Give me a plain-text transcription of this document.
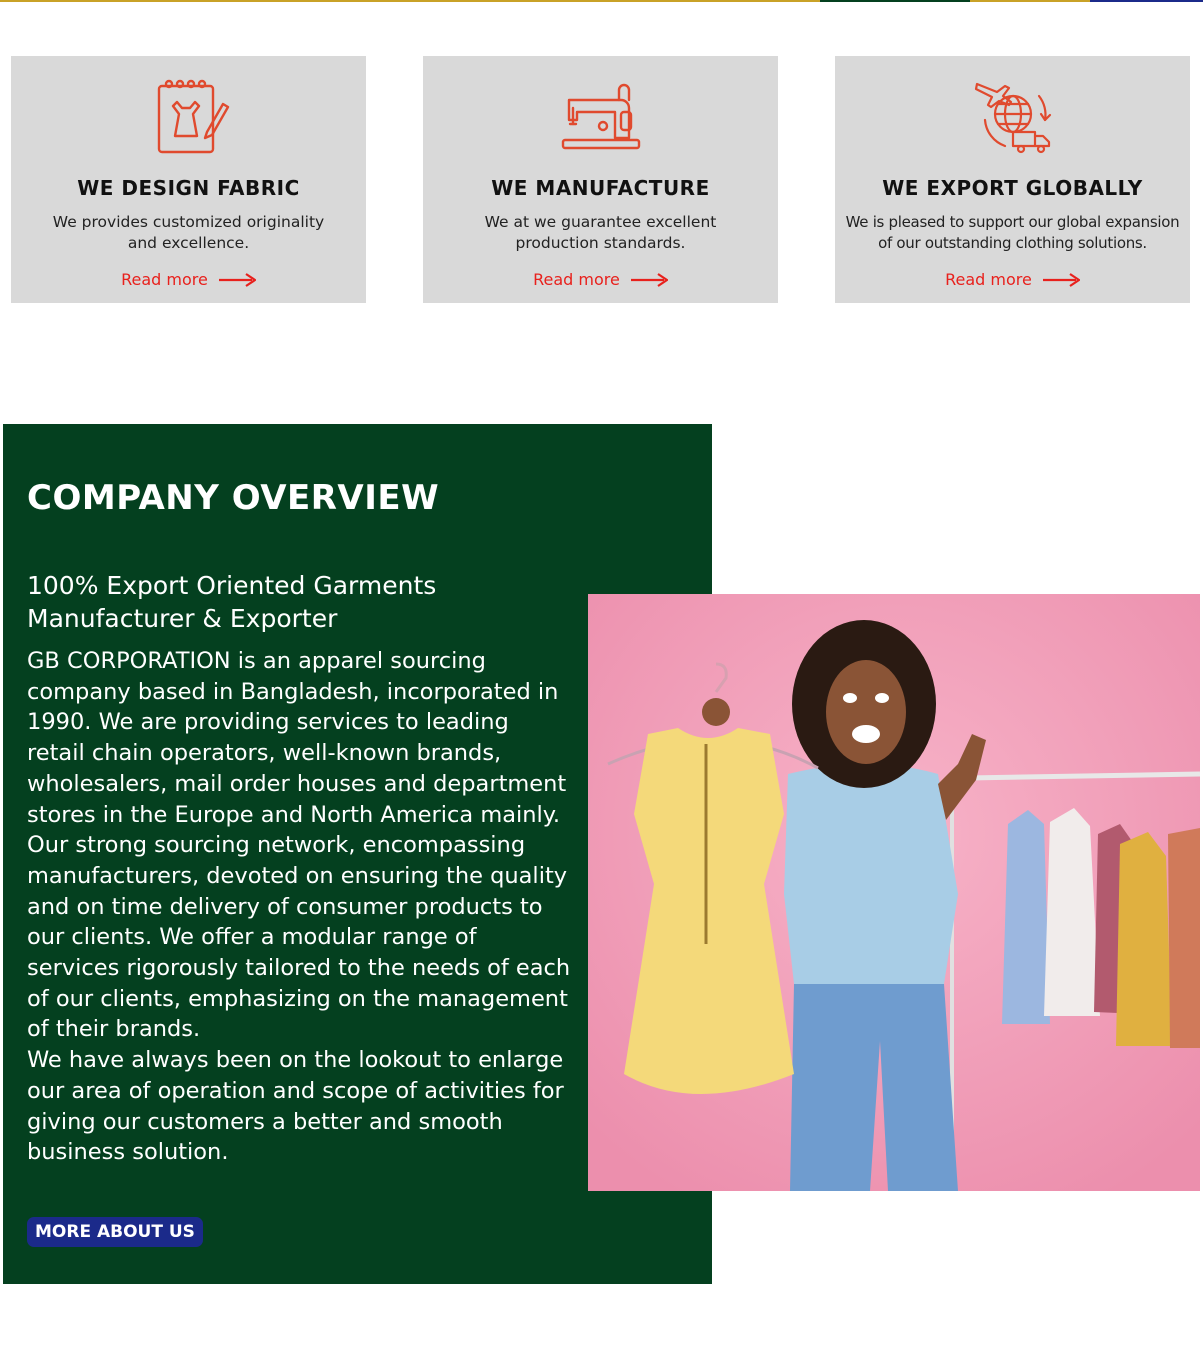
WE DESIGN FABRIC
We provides customized originality and excellence.
Read more
WE MANUFACTURE
We at we guarantee excellent production standards.
Read more
WE EXPORT GLOBALLY
We is pleased to support our global expansion of our outstanding clothing solutions.
Read more
COMPANY OVERVIEW
100% Export Oriented Garments Manufacturer & Exporter

GB CORPORATION is an apparel sourcing company based in Bangladesh, incorporated in 1990. We are providing services to leading retail chain operators, well-known brands, wholesalers, mail order houses and department stores in the Europe and North America mainly. Our strong sourcing network, encompassing manufacturers, devoted on ensuring the quality and on time delivery of consumer products to our clients. We offer a modular range of services rigorously tailored to the needs of each of our clients, emphasizing on the management of their brands.

We have always been on the lookout to enlarge our area of operation and scope of activities for giving our customers a better and smooth business solution.

MORE ABOUT US
